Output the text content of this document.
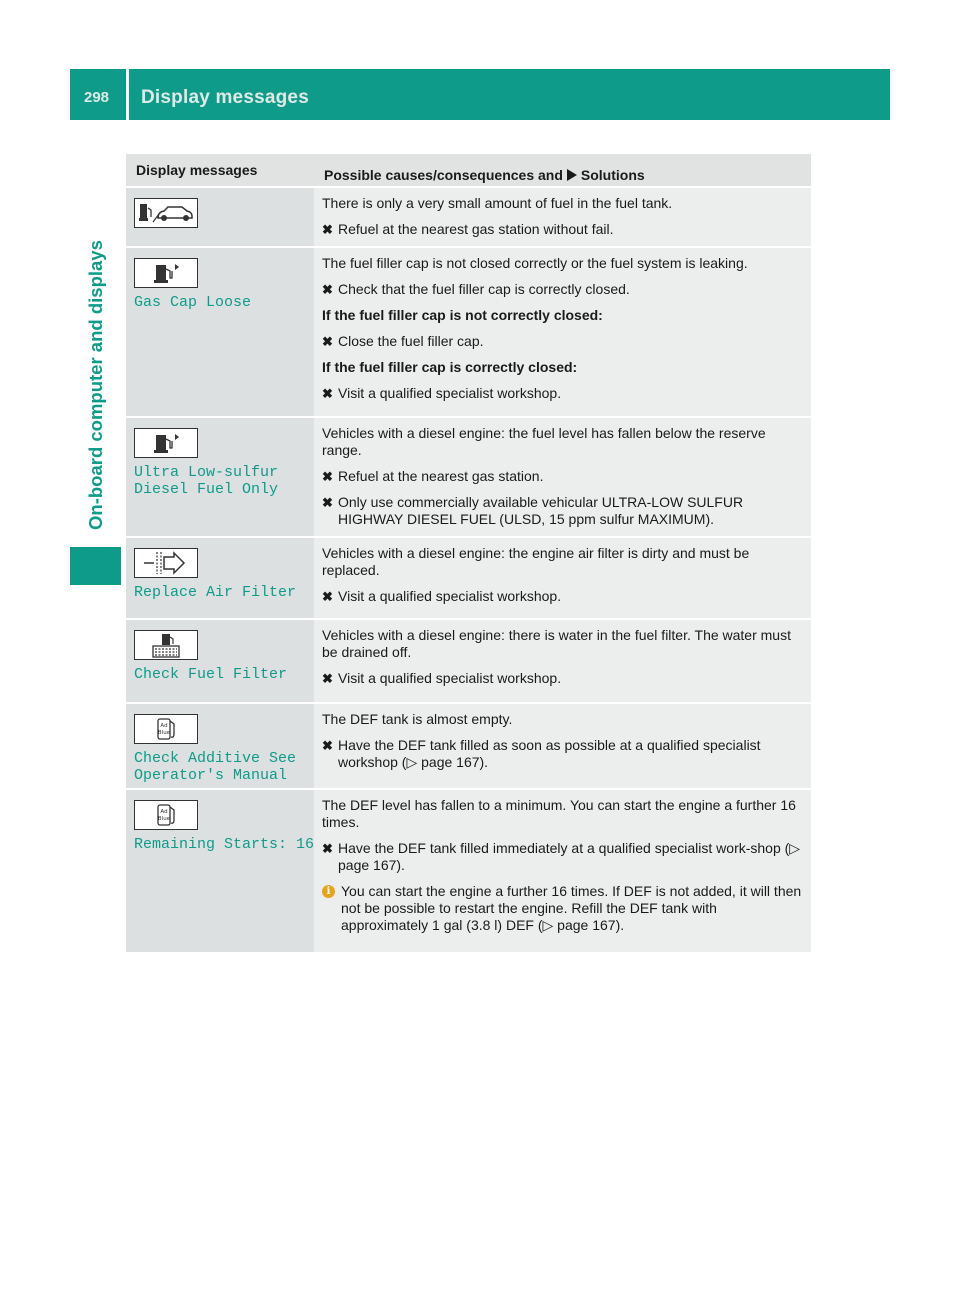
298 Display messages
On-board computer and displays
Display messages	Possible causes/consequences and Solutions

There is only a very small amount of fuel in the fuel tank.

✖ Refuel at the nearest gas station without fail.
Gas Cap Loose

The fuel filler cap is not closed correctly or the fuel system is leaking.

✖ Check that the fuel filler cap is correctly closed.

If the fuel filler cap is not correctly closed:

✖ Close the fuel filler cap.

If the fuel filler cap is correctly closed:

✖ Visit a qualified specialist workshop.
Ultra Low-sulfur
Diesel Fuel Only

Vehicles with a diesel engine: the fuel level has fallen below the reserve range.

✖ Refuel at the nearest gas station.
✖ Only use commercially available vehicular ULTRA-LOW SULFUR HIGHWAY DIESEL FUEL (ULSD, 15 ppm sulfur MAXIMUM).
Replace Air Filter

Vehicles with a diesel engine: the engine air filter is dirty and must be replaced.

✖ Visit a qualified specialist workshop.
Check Fuel Filter

Vehicles with a diesel engine: there is water in the fuel filter. The water must be drained off.

✖ Visit a qualified specialist workshop.
Ad
Blue
Check Additive See
Operator's Manual

The DEF tank is almost empty.

✖ Have the DEF tank filled as soon as possible at a qualified specialist workshop (▷ page 167).
Ad
Blue
Remaining Starts: 16

The DEF level has fallen to a minimum. You can start the engine a further 16 times.

✖ Have the DEF tank filled immediately at a qualified specialist work-shop (▷ page 167).
i You can start the engine a further 16 times. If DEF is not added, it will then not be possible to restart the engine. Refill the DEF tank with approximately 1 gal (3.8 l) DEF (▷ page 167).
